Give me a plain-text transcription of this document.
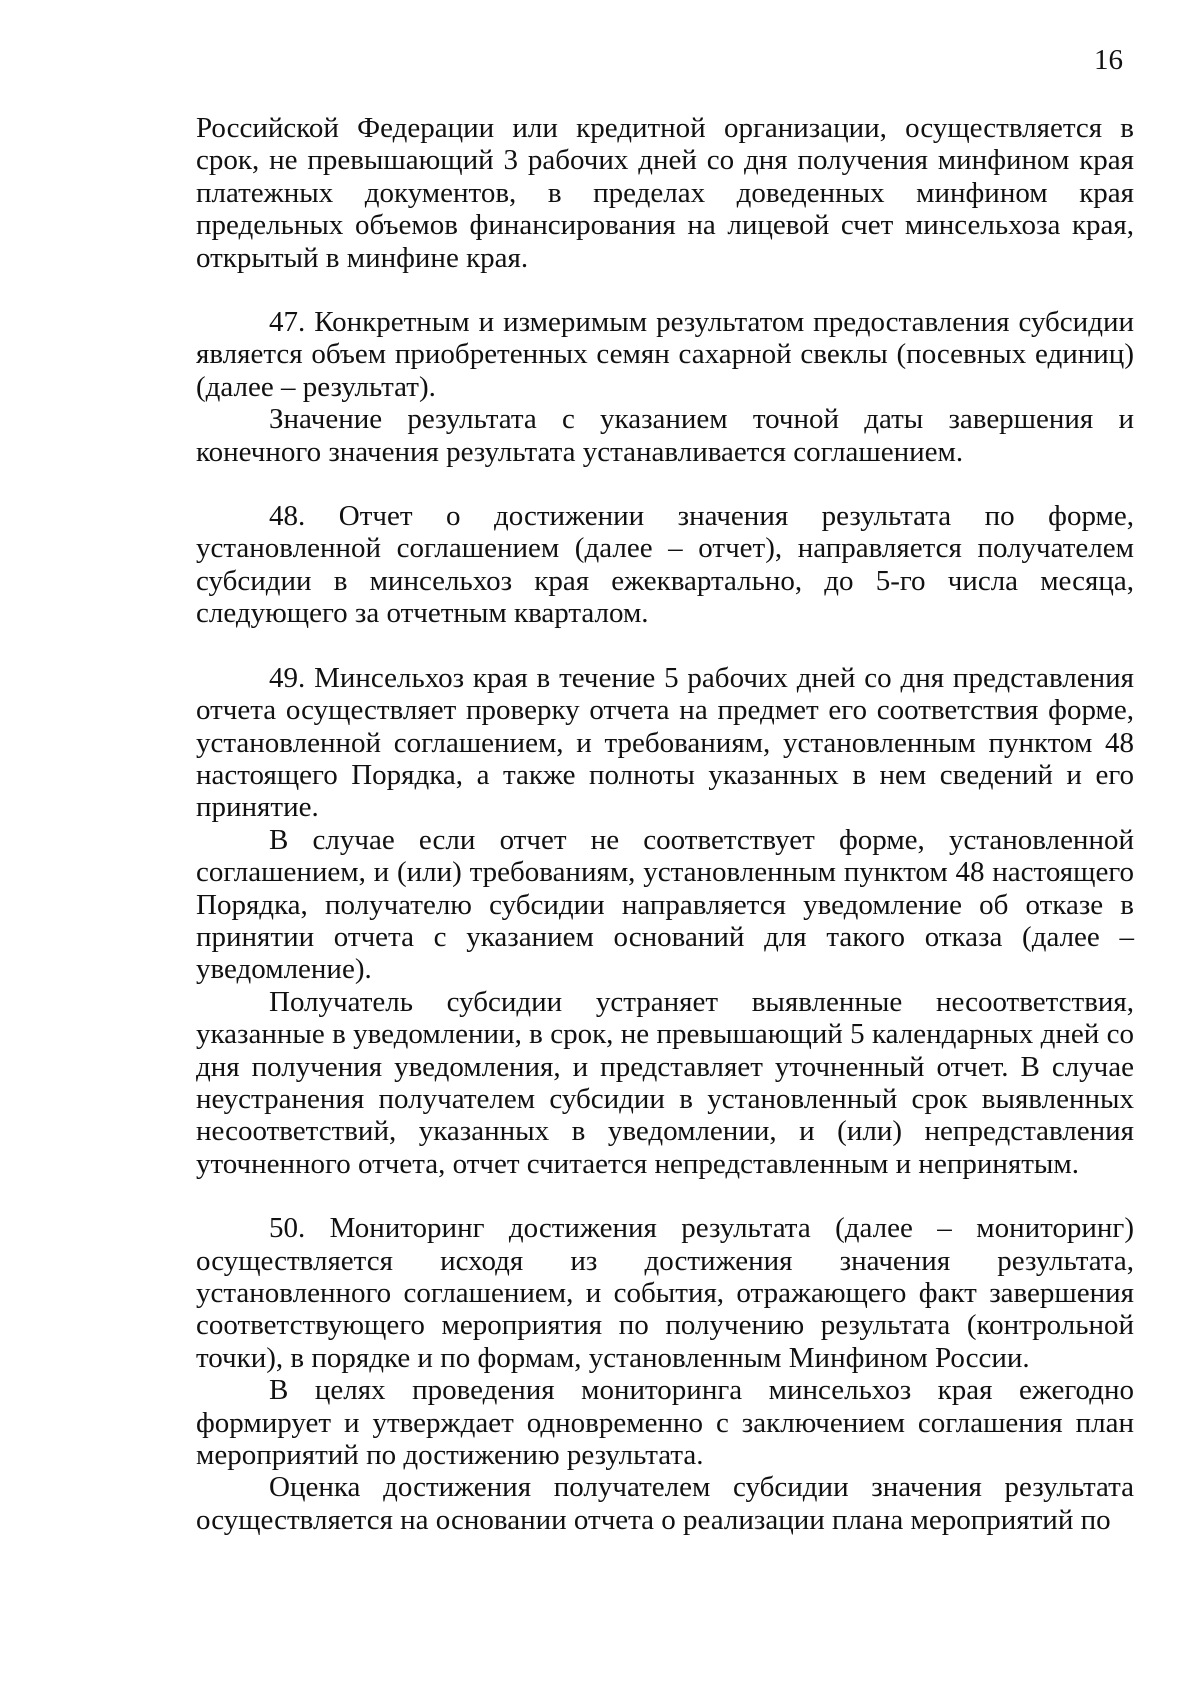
16

Российской Федерации или кредитной организации, осуществляется в срок, не превышающий 3 рабочих дней со дня получения минфином края платежных документов, в пределах доведенных минфином края предельных объемов финансирования на лицевой счет минсельхоза края, открытый в минфине края.

47. Конкретным и измеримым результатом предоставления субсидии является объем приобретенных семян сахарной свеклы (посевных единиц) (далее – результат).

Значение результата с указанием точной даты завершения и конечного значения результата устанавливается соглашением.

48. Отчет о достижении значения результата по форме, установленной соглашением (далее – отчет), направляется получателем субсидии в минсельхоз края ежеквартально, до 5-го числа месяца, следующего за отчетным кварталом.

49. Минсельхоз края в течение 5 рабочих дней со дня представления отчета осуществляет проверку отчета на предмет его соответствия форме, установленной соглашением, и требованиям, установленным пунктом 48 настоящего Порядка, а также полноты указанных в нем сведений и его принятие.

В случае если отчет не соответствует форме, установленной соглашением, и (или) требованиям, установленным пунктом 48 настоящего Порядка, получателю субсидии направляется уведомление об отказе в принятии отчета с указанием оснований для такого отказа (далее – уведомление).

Получатель субсидии устраняет выявленные несоответствия, указанные в уведомлении, в срок, не превышающий 5 календарных дней со дня получения уведомления, и представляет уточненный отчет. В случае неустранения получателем субсидии в установленный срок выявленных несоответствий, указанных в уведомлении, и (или) непредставления уточненного отчета, отчет считается непредставленным и непринятым.

50. Мониторинг достижения результата (далее – мониторинг) осуществляется исходя из достижения значения результата, установленного соглашением, и события, отражающего факт завершения соответствующего мероприятия по получению результата (контрольной точки), в порядке и по формам, установленным Минфином России.

В целях проведения мониторинга минсельхоз края ежегодно формирует и утверждает одновременно с заключением соглашения план мероприятий по достижению результата.

Оценка достижения получателем субсидии значения результата осуществляется на основании отчета о реализации плана мероприятий по
